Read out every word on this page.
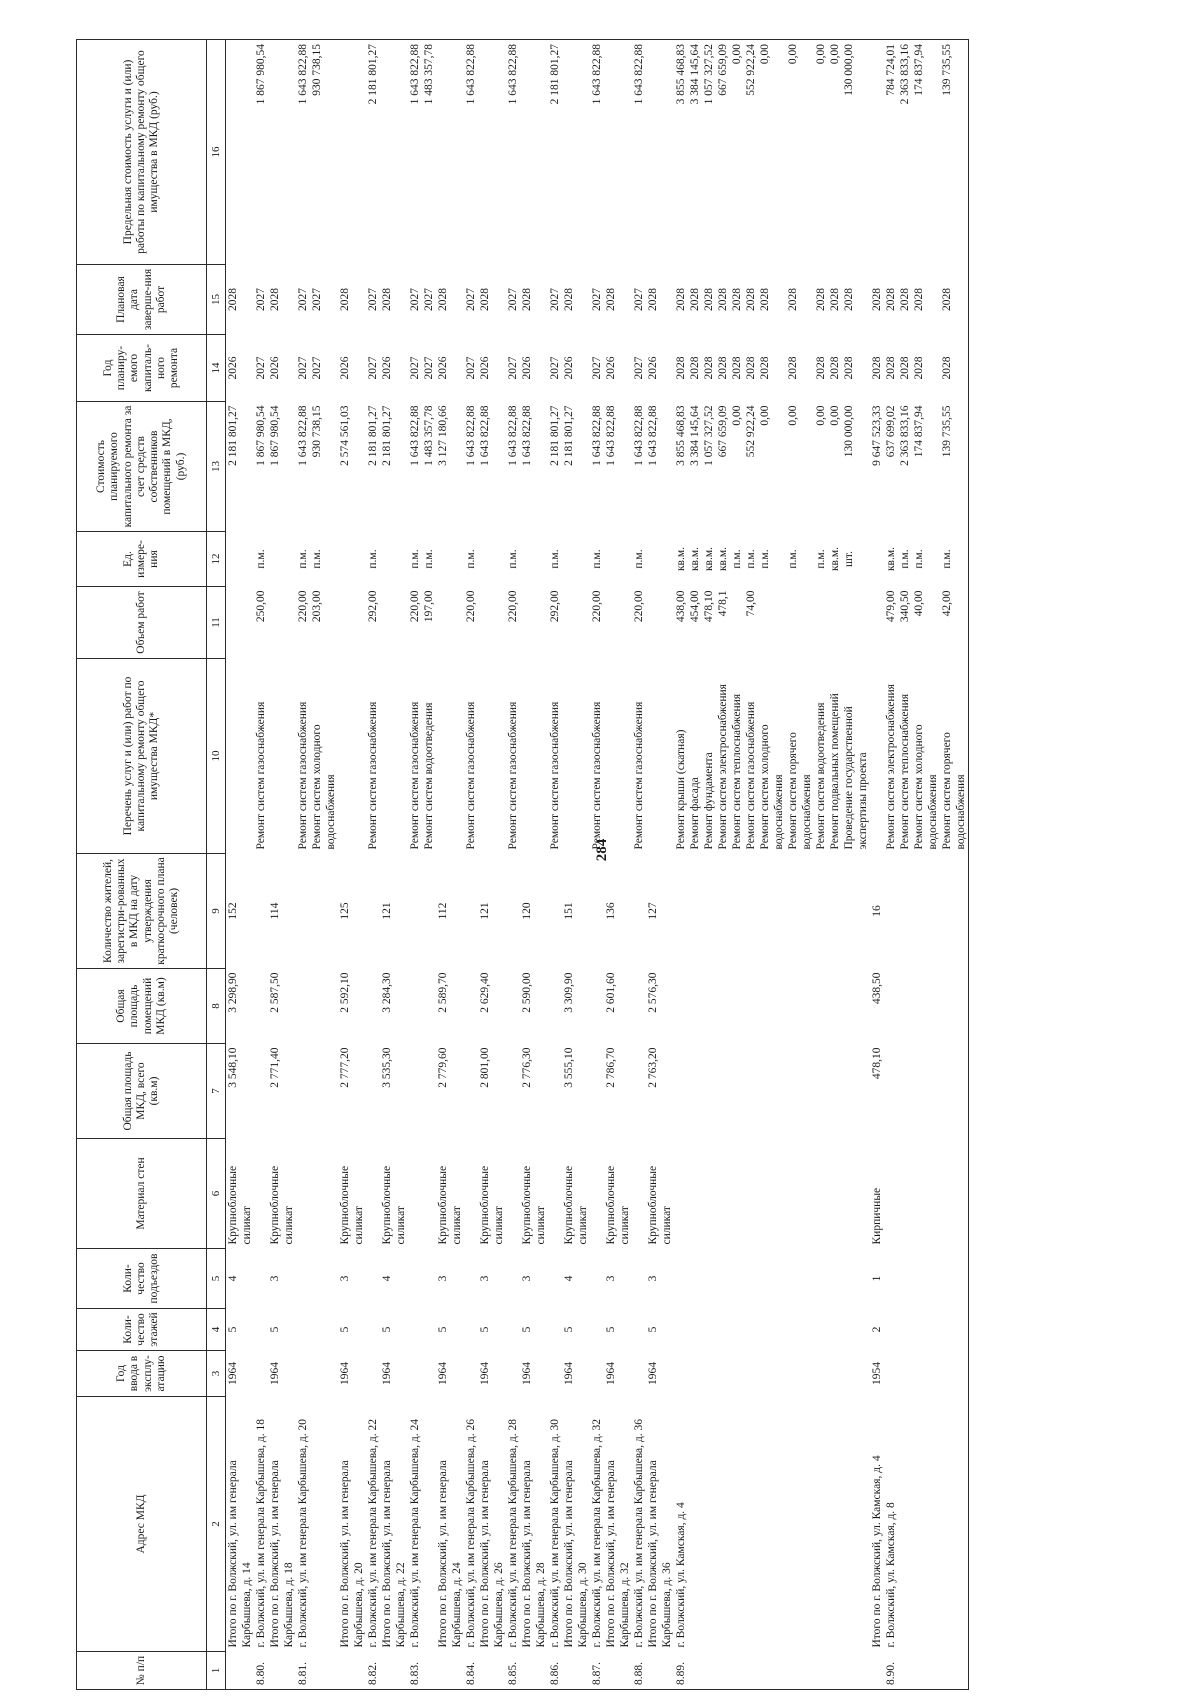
284
№ п/п	Адрес МКД	Год ввода в эксплу-атацию	Коли-чество этажей	Коли-чество подъездов	Материал стен	Общая площадь МКД, всего (кв.м)	Общая площадь помещений МКД (кв.м)	Количество жителей, зарегистри-рованных в МКД на дату утверждения краткосрочного плана (человек)	Перечень услуг и (или) работ по капитальному ремонту общего имущества МКД*	Объем работ	Ед. измере-ния	Стоимость планируемого капитального ремонта за счет средств собственников помещений в МКД, (руб.)	Год планиру-емого капиталь-ного ремонта	Плановая дата заверше-ния работ	Предельная стоимость услуги и (или) работы по капитальному ремонту общего имущества в МКД (руб.)
1	2	3	4	5	6	7	8	9	10	11	12	13	14	15	16
	Итого по г. Волжский, ул. им генерала Карбышева, д. 14	1964	5	4	Крупноблочные силикат	3 548,10	3 298,90	152				2 181 801,27	2026	2028	
8.80.	г. Волжский, ул. им генерала Карбышева, д. 18								Ремонт систем газоснабжения	250,00	п.м.	1 867 980,54	2027	2027	1 867 980,54
	Итого по г. Волжский, ул. им генерала Карбышева, д. 18	1964	5	3	Крупноблочные силикат	2 771,40	2 587,50	114				1 867 980,54	2026	2028	
8.81.	г. Волжский, ул. им генерала Карбышева, д. 20								Ремонт систем газоснабжения	220,00	п.м.	1 643 822,88	2027	2027	1 643 822,88
									Ремонт систем холодного водоснабжения	203,00	п.м.	930 738,15	2027	2027	930 738,15
	Итого по г. Волжский, ул. им генерала Карбышева, д. 20	1964	5	3	Крупноблочные силикат	2 777,20	2 592,10	125				2 574 561,03	2026	2028	
8.82.	г. Волжский, ул. им генерала Карбышева, д. 22								Ремонт систем газоснабжения	292,00	п.м.	2 181 801,27	2027	2027	2 181 801,27
	Итого по г. Волжский, ул. им генерала Карбышева, д. 22	1964	5	4	Крупноблочные силикат	3 535,30	3 284,30	121				2 181 801,27	2026	2028	
8.83.	г. Волжский, ул. им генерала Карбышева, д. 24								Ремонт систем газоснабжения	220,00	п.м.	1 643 822,88	2027	2027	1 643 822,88
									Ремонт систем водоотведения	197,00	п.м.	1 483 357,78	2027	2027	1 483 357,78
	Итого по г. Волжский, ул. им генерала Карбышева, д. 24	1964	5	3	Крупноблочные силикат	2 779,60	2 589,70	112				3 127 180,66	2026	2028	
8.84.	г. Волжский, ул. им генерала Карбышева, д. 26								Ремонт систем газоснабжения	220,00	п.м.	1 643 822,88	2027	2027	1 643 822,88
	Итого по г. Волжский, ул. им генерала Карбышева, д. 26	1964	5	3	Крупноблочные силикат	2 801,00	2 629,40	121				1 643 822,88	2026	2028	
8.85.	г. Волжский, ул. им генерала Карбышева, д. 28								Ремонт систем газоснабжения	220,00	п.м.	1 643 822,88	2027	2027	1 643 822,88
	Итого по г. Волжский, ул. им генерала Карбышева, д. 28	1964	5	3	Крупноблочные силикат	2 776,30	2 590,00	120				1 643 822,88	2026	2028	
8.86.	г. Волжский, ул. им генерала Карбышева, д. 30								Ремонт систем газоснабжения	292,00	п.м.	2 181 801,27	2027	2027	2 181 801,27
	Итого по г. Волжский, ул. им генерала Карбышева, д. 30	1964	5	4	Крупноблочные силикат	3 555,10	3 309,90	151				2 181 801,27	2026	2028	
8.87.	г. Волжский, ул. им генерала Карбышева, д. 32								Ремонт систем газоснабжения	220,00	п.м.	1 643 822,88	2027	2027	1 643 822,88
	Итого по г. Волжский, ул. им генерала Карбышева, д. 32	1964	5	3	Крупноблочные силикат	2 786,70	2 601,60	136				1 643 822,88	2026	2028	
8.88.	г. Волжский, ул. им генерала Карбышева, д. 36								Ремонт систем газоснабжения	220,00	п.м.	1 643 822,88	2027	2027	1 643 822,88
	Итого по г. Волжский, ул. им генерала Карбышева, д. 36	1964	5	3	Крупноблочные силикат	2 763,20	2 576,30	127				1 643 822,88	2026	2028	
8.89.	г. Волжский, ул. Камская, д. 4								Ремонт крыши (скатная)	438,00	кв.м.	3 855 468,83	2028	2028	3 855 468,83
									Ремонт фасада	454,00	кв.м.	3 384 145,64	2028	2028	3 384 145,64
									Ремонт фундамента	478,10	кв.м.	1 057 327,52	2028	2028	1 057 327,52
									Ремонт систем электроснабжения	478,1	кв.м.	667 659,09	2028	2028	667 659,09
									Ремонт систем теплоснабжения		п.м.	0,00	2028	2028	0,00
									Ремонт систем газоснабжения	74,00	п.м.	552 922,24	2028	2028	552 922,24
									Ремонт систем холодного водоснабжения		п.м.	0,00	2028	2028	0,00
									Ремонт систем горячего водоснабжения		п.м.	0,00	2028	2028	0,00
									Ремонт систем водоотведения		п.м.	0,00	2028	2028	0,00
									Ремонт подвальных помещений		кв.м.	0,00	2028	2028	0,00
									Проведение государственной экспертизы проекта		шт.	130 000,00	2028	2028	130 000,00
	Итого по г. Волжский, ул. Камская, д. 4	1954	2	1	Кирпичные	478,10	438,50	16				9 647 523,33	2028	2028	
8.90.	г. Волжский, ул. Камская, д. 8								Ремонт систем электроснабжения	479,00	кв.м.	637 699,02	2028	2028	784 724,01
									Ремонт систем теплоснабжения	340,50	п.м.	2 363 833,16	2028	2028	2 363 833,16
									Ремонт систем холодного водоснабжения	40,00	п.м.	174 837,94	2028	2028	174 837,94
									Ремонт систем горячего водоснабжения	42,00	п.м.	139 735,55	2028	2028	139 735,55
